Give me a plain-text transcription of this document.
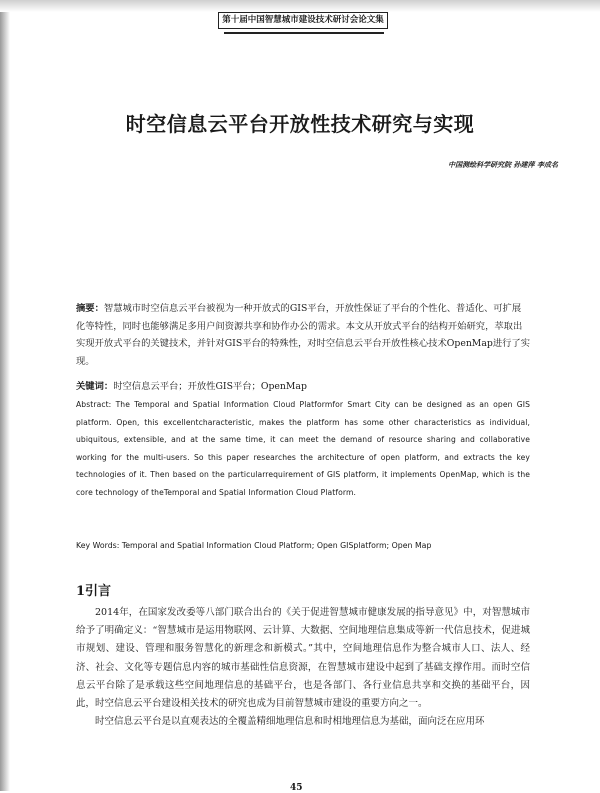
第十届中国智慧城市建设技术研讨会论文集
时空信息云平台开放性技术研究与实现
中国测绘科学研究院 孙建萍 李成名
摘要：智慧城市时空信息云平台被视为一种开放式的GIS平台，开放性保证了平台的个性化、普适化、可扩展化等特性，同时也能够满足多用户间资源共享和协作办公的需求。本文从开放式平台的结构开始研究，萃取出实现开放式平台的关键技术，并针对GIS平台的特殊性，对时空信息云平台开放性核心技术OpenMap进行了实现。
关键词：时空信息云平台；开放性GIS平台；OpenMap
Abstract: The Temporal and Spatial Information Cloud Platformfor Smart City can be designed as an open GIS platform. Open, this excellentcharacteristic, makes the platform has some other characteristics as individual, ubiquitous, extensible, and at the same time, it can meet the demand of resource sharing and collaborative working for the multi-users. So this paper researches the architecture of open platform, and extracts the key technologies of it. Then based on the particularrequirement of GIS platform, it implements OpenMap, which is the core technology of theTemporal and Spatial Information Cloud Platform.
Key Words: Temporal and Spatial Information Cloud Platform; Open GISplatform; Open Map
1引言

2014年，在国家发改委等八部门联合出台的《关于促进智慧城市健康发展的指导意见》中，对智慧城市给予了明确定义：“智慧城市是运用物联网、云计算、大数据、空间地理信息集成等新一代信息技术，促进城市规划、建设、管理和服务智慧化的新理念和新模式。”其中，空间地理信息作为整合城市人口、法人、经济、社会、文化等专题信息内容的城市基础性信息资源，在智慧城市建设中起到了基础支撑作用。而时空信息云平台除了是承载这些空间地理信息的基础平台，也是各部门、各行业信息共享和交换的基础平台，因此，时空信息云平台建设相关技术的研究也成为目前智慧城市建设的重要方向之一。

时空信息云平台是以直观表达的全覆盖精细地理信息和时相地理信息为基础，面向泛在应用环

45
